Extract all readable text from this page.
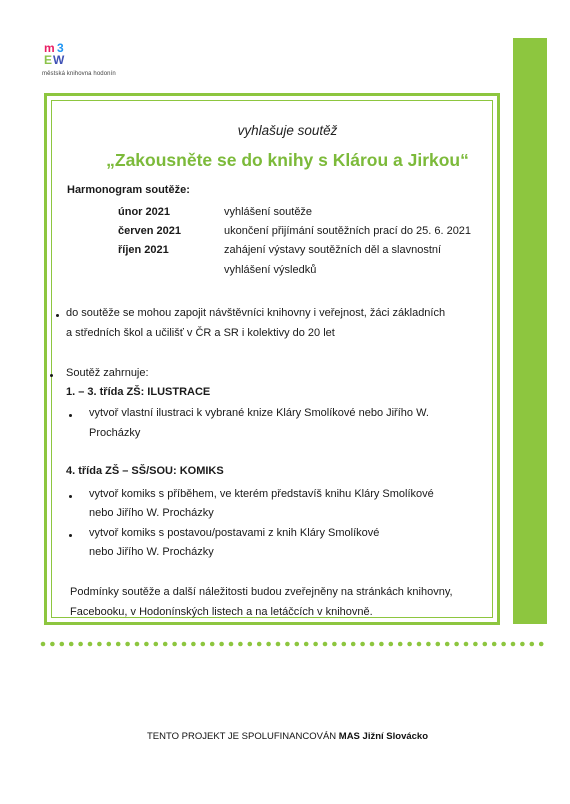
m 3
E W
městská knihovna hodonín
vyhlašuje soutěž
„Zakousněte se do knihy s Klárou a Jirkou“
Harmonogram soutěže:
únor 2021	vyhlášení soutěže
červen 2021	ukončení přijímání soutěžních prací do 25. 6. 2021
říjen 2021	zahájení výstavy soutěžních děl a slavnostní
vyhlášení výsledků
do soutěže se mohou zapojit návštěvníci knihovny i veřejnost, žáci základních
a středních škol a učilišť v ČR a SR i kolektivy do 20 let
Soutěž zahrnuje:
1. – 3. třída ZŠ: ILUSTRACE
vytvoř vlastní ilustraci k vybrané knize Kláry Smolíkové nebo Jiřího W.
Procházky
4. třída ZŠ – SŠ/SOU: KOMIKS
vytvoř komiks s příběhem, ve kterém představíš knihu Kláry Smolíkové
nebo Jiřího W. Procházky
vytvoř komiks s postavou/postavami z knih Kláry Smolíkové
nebo Jiřího W. Procházky
Podmínky soutěže a další náležitosti budou zveřejněny na stránkách knihovny,
Facebooku, v Hodonínských listech a na letáčcích v knihovně.
TENTO PROJEKT JE SPOLUFINANCOVÁN MAS Jižní Slovácko
